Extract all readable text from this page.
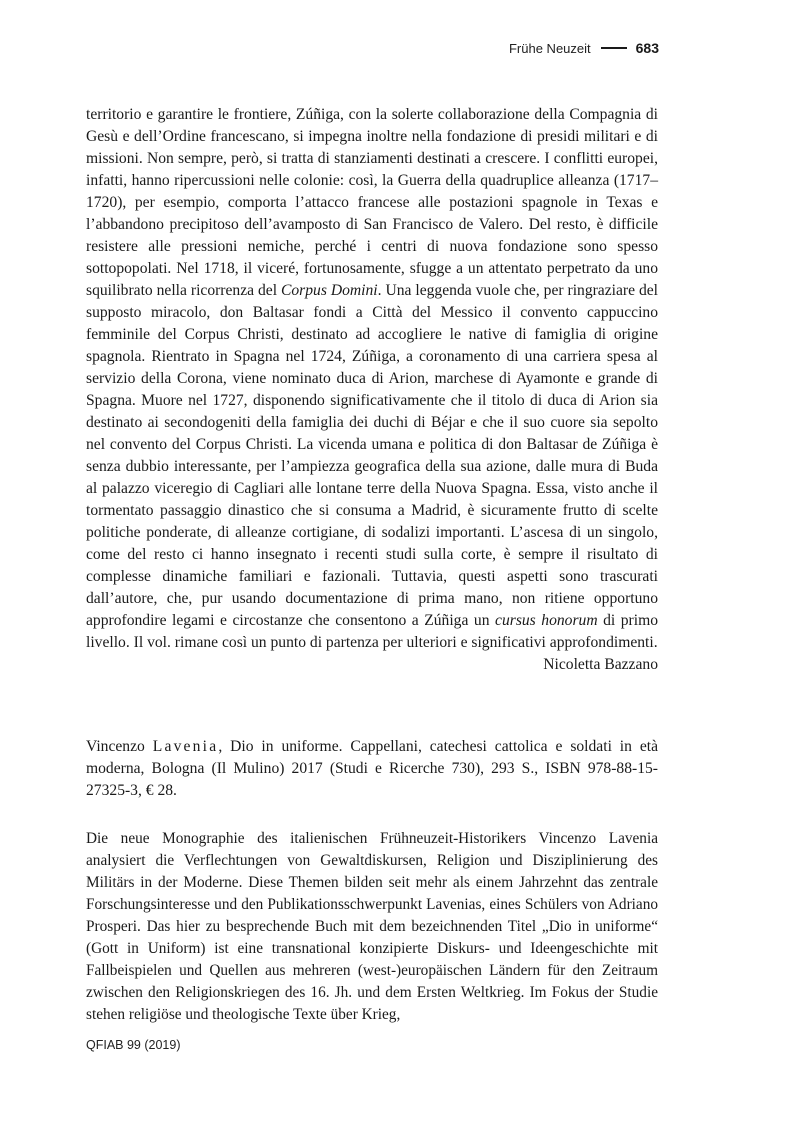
Frühe Neuzeit	683

territorio e garantire le frontiere, Zúñiga, con la solerte collaborazione della Compagnia di Gesù e dell’Ordine francescano, si impegna inoltre nella fondazione di presidi militari e di missioni. Non sempre, però, si tratta di stanziamenti destinati a crescere. I conflitti europei, infatti, hanno ripercussioni nelle colonie: così, la Guerra della quadruplice alleanza (1717–1720), per esempio, comporta l’attacco francese alle postazioni spagnole in Texas e l’abbandono precipitoso dell’avamposto di San Francisco de Valero. Del resto, è difficile resistere alle pressioni nemiche, perché i centri di nuova fondazione sono spesso sottopopolati. Nel 1718, il viceré, fortunosamente, sfugge a un attentato perpetrato da uno squilibrato nella ricorrenza del Corpus Domini. Una leggenda vuole che, per ringraziare del supposto miracolo, don Baltasar fondi a Città del Messico il convento cappuccino femminile del Corpus Christi, destinato ad accogliere le native di famiglia di origine spagnola. Rientrato in Spagna nel 1724, Zúñiga, a coronamento di una carriera spesa al servizio della Corona, viene nominato duca di Arion, marchese di Ayamonte e grande di Spagna. Muore nel 1727, disponendo significativamente che il titolo di duca di Arion sia destinato ai secondogeniti della famiglia dei duchi di Béjar e che il suo cuore sia sepolto nel convento del Corpus Christi. La vicenda umana e politica di don Baltasar de Zúñiga è senza dubbio interessante, per l’ampiezza geografica della sua azione, dalle mura di Buda al palazzo viceregio di Cagliari alle lontane terre della Nuova Spagna. Essa, visto anche il tormentato passaggio dinastico che si consuma a Madrid, è sicuramente frutto di scelte politiche ponderate, di alleanze cortigiane, di sodalizi importanti. L’ascesa di un singolo, come del resto ci hanno insegnato i recenti studi sulla corte, è sempre il risultato di complesse dinamiche familiari e fazionali. Tuttavia, questi aspetti sono trascurati dall’autore, che, pur usando documentazione di prima mano, non ritiene opportuno approfondire legami e circostanze che consentono a Zúñiga un cursus honorum di primo livello. Il vol. rimane così un punto di partenza per ulteriori e significativi approfondimenti.

Nicoletta Bazzano

Vincenzo Lavenia, Dio in uniforme. Cappellani, catechesi cattolica e soldati in età moderna, Bologna (Il Mulino) 2017 (Studi e Ricerche 730), 293 S., ISBN 978-88-15-27325-3, € 28.

Die neue Monographie des italienischen Frühneuzeit-Historikers Vincenzo Lavenia analysiert die Verflechtungen von Gewaltdiskursen, Religion und Disziplinierung des Militärs in der Moderne. Diese Themen bilden seit mehr als einem Jahrzehnt das zentrale Forschungsinteresse und den Publikationsschwerpunkt Lavenias, eines Schülers von Adriano Prosperi. Das hier zu besprechende Buch mit dem bezeichnenden Titel „Dio in uniforme“ (Gott in Uniform) ist eine transnational konzipierte Diskurs- und Ideengeschichte mit Fallbeispielen und Quellen aus mehreren (west-)europäischen Ländern für den Zeitraum zwischen den Religionskriegen des 16. Jh. und dem Ersten Weltkrieg. Im Fokus der Studie stehen religiöse und theologische Texte über Krieg,

QFIAB 99 (2019)
